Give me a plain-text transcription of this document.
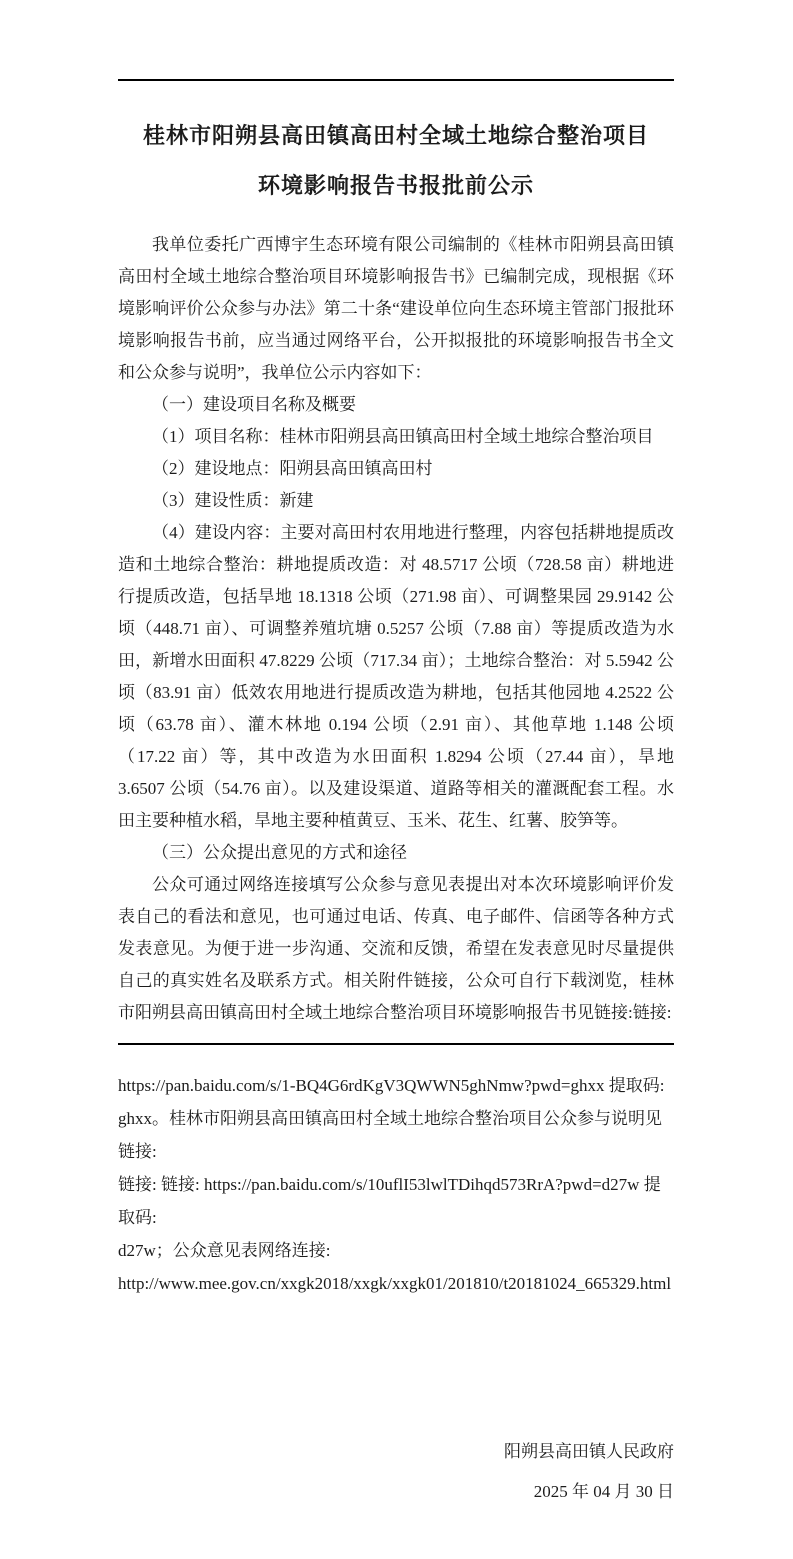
桂林市阳朔县高田镇高田村全域土地综合整治项目
环境影响报告书报批前公示

我单位委托广西博宇生态环境有限公司编制的《桂林市阳朔县高田镇高田村全域土地综合整治项目环境影响报告书》已编制完成，现根据《环境影响评价公众参与办法》第二十条“建设单位向生态环境主管部门报批环境影响报告书前，应当通过网络平台，公开拟报批的环境影响报告书全文和公众参与说明”，我单位公示内容如下：

（一）建设项目名称及概要

（1）项目名称：桂林市阳朔县高田镇高田村全域土地综合整治项目

（2）建设地点：阳朔县高田镇高田村

（3）建设性质：新建

（4）建设内容：主要对高田村农用地进行整理，内容包括耕地提质改造和土地综合整治：耕地提质改造：对 48.5717 公顷（728.58 亩）耕地进行提质改造，包括旱地 18.1318 公顷（271.98 亩）、可调整果园 29.9142 公顷（448.71 亩）、可调整养殖坑塘 0.5257 公顷（7.88 亩）等提质改造为水田，新增水田面积 47.8229 公顷（717.34 亩）；土地综合整治：对 5.5942 公顷（83.91 亩）低效农用地进行提质改造为耕地，包括其他园地 4.2522 公顷（63.78 亩）、灌木林地 0.194 公顷（2.91 亩）、其他草地 1.148 公顷（17.22 亩）等，其中改造为水田面积 1.8294 公顷（27.44 亩），旱地 3.6507 公顷（54.76 亩）。以及建设渠道、道路等相关的灌溉配套工程。水田主要种植水稻，旱地主要种植黄豆、玉米、花生、红薯、胶笋等。

（三）公众提出意见的方式和途径

公众可通过网络连接填写公众参与意见表提出对本次环境影响评价发表自己的看法和意见，也可通过电话、传真、电子邮件、信函等各种方式发表意见。为便于进一步沟通、交流和反馈，希望在发表意见时尽量提供自己的真实姓名及联系方式。相关附件链接，公众可自行下载浏览，桂林市阳朔县高田镇高田村全域土地综合整治项目环境影响报告书见链接:链接:

https://pan.baidu.com/s/1-BQ4G6rdKgV3QWWN5ghNmw?pwd=ghxx 提取码:

ghxx。桂林市阳朔县高田镇高田村全域土地综合整治项目公众参与说明见链接:

链接: 链接: https://pan.baidu.com/s/10uflI53lwlTDihqd573RrA?pwd=d27w 提取码:

d27w；公众意见表网络连接:

http://www.mee.gov.cn/xxgk2018/xxgk/xxgk01/201810/t20181024_665329.html

阳朔县高田镇人民政府
2025 年 04 月 30 日
